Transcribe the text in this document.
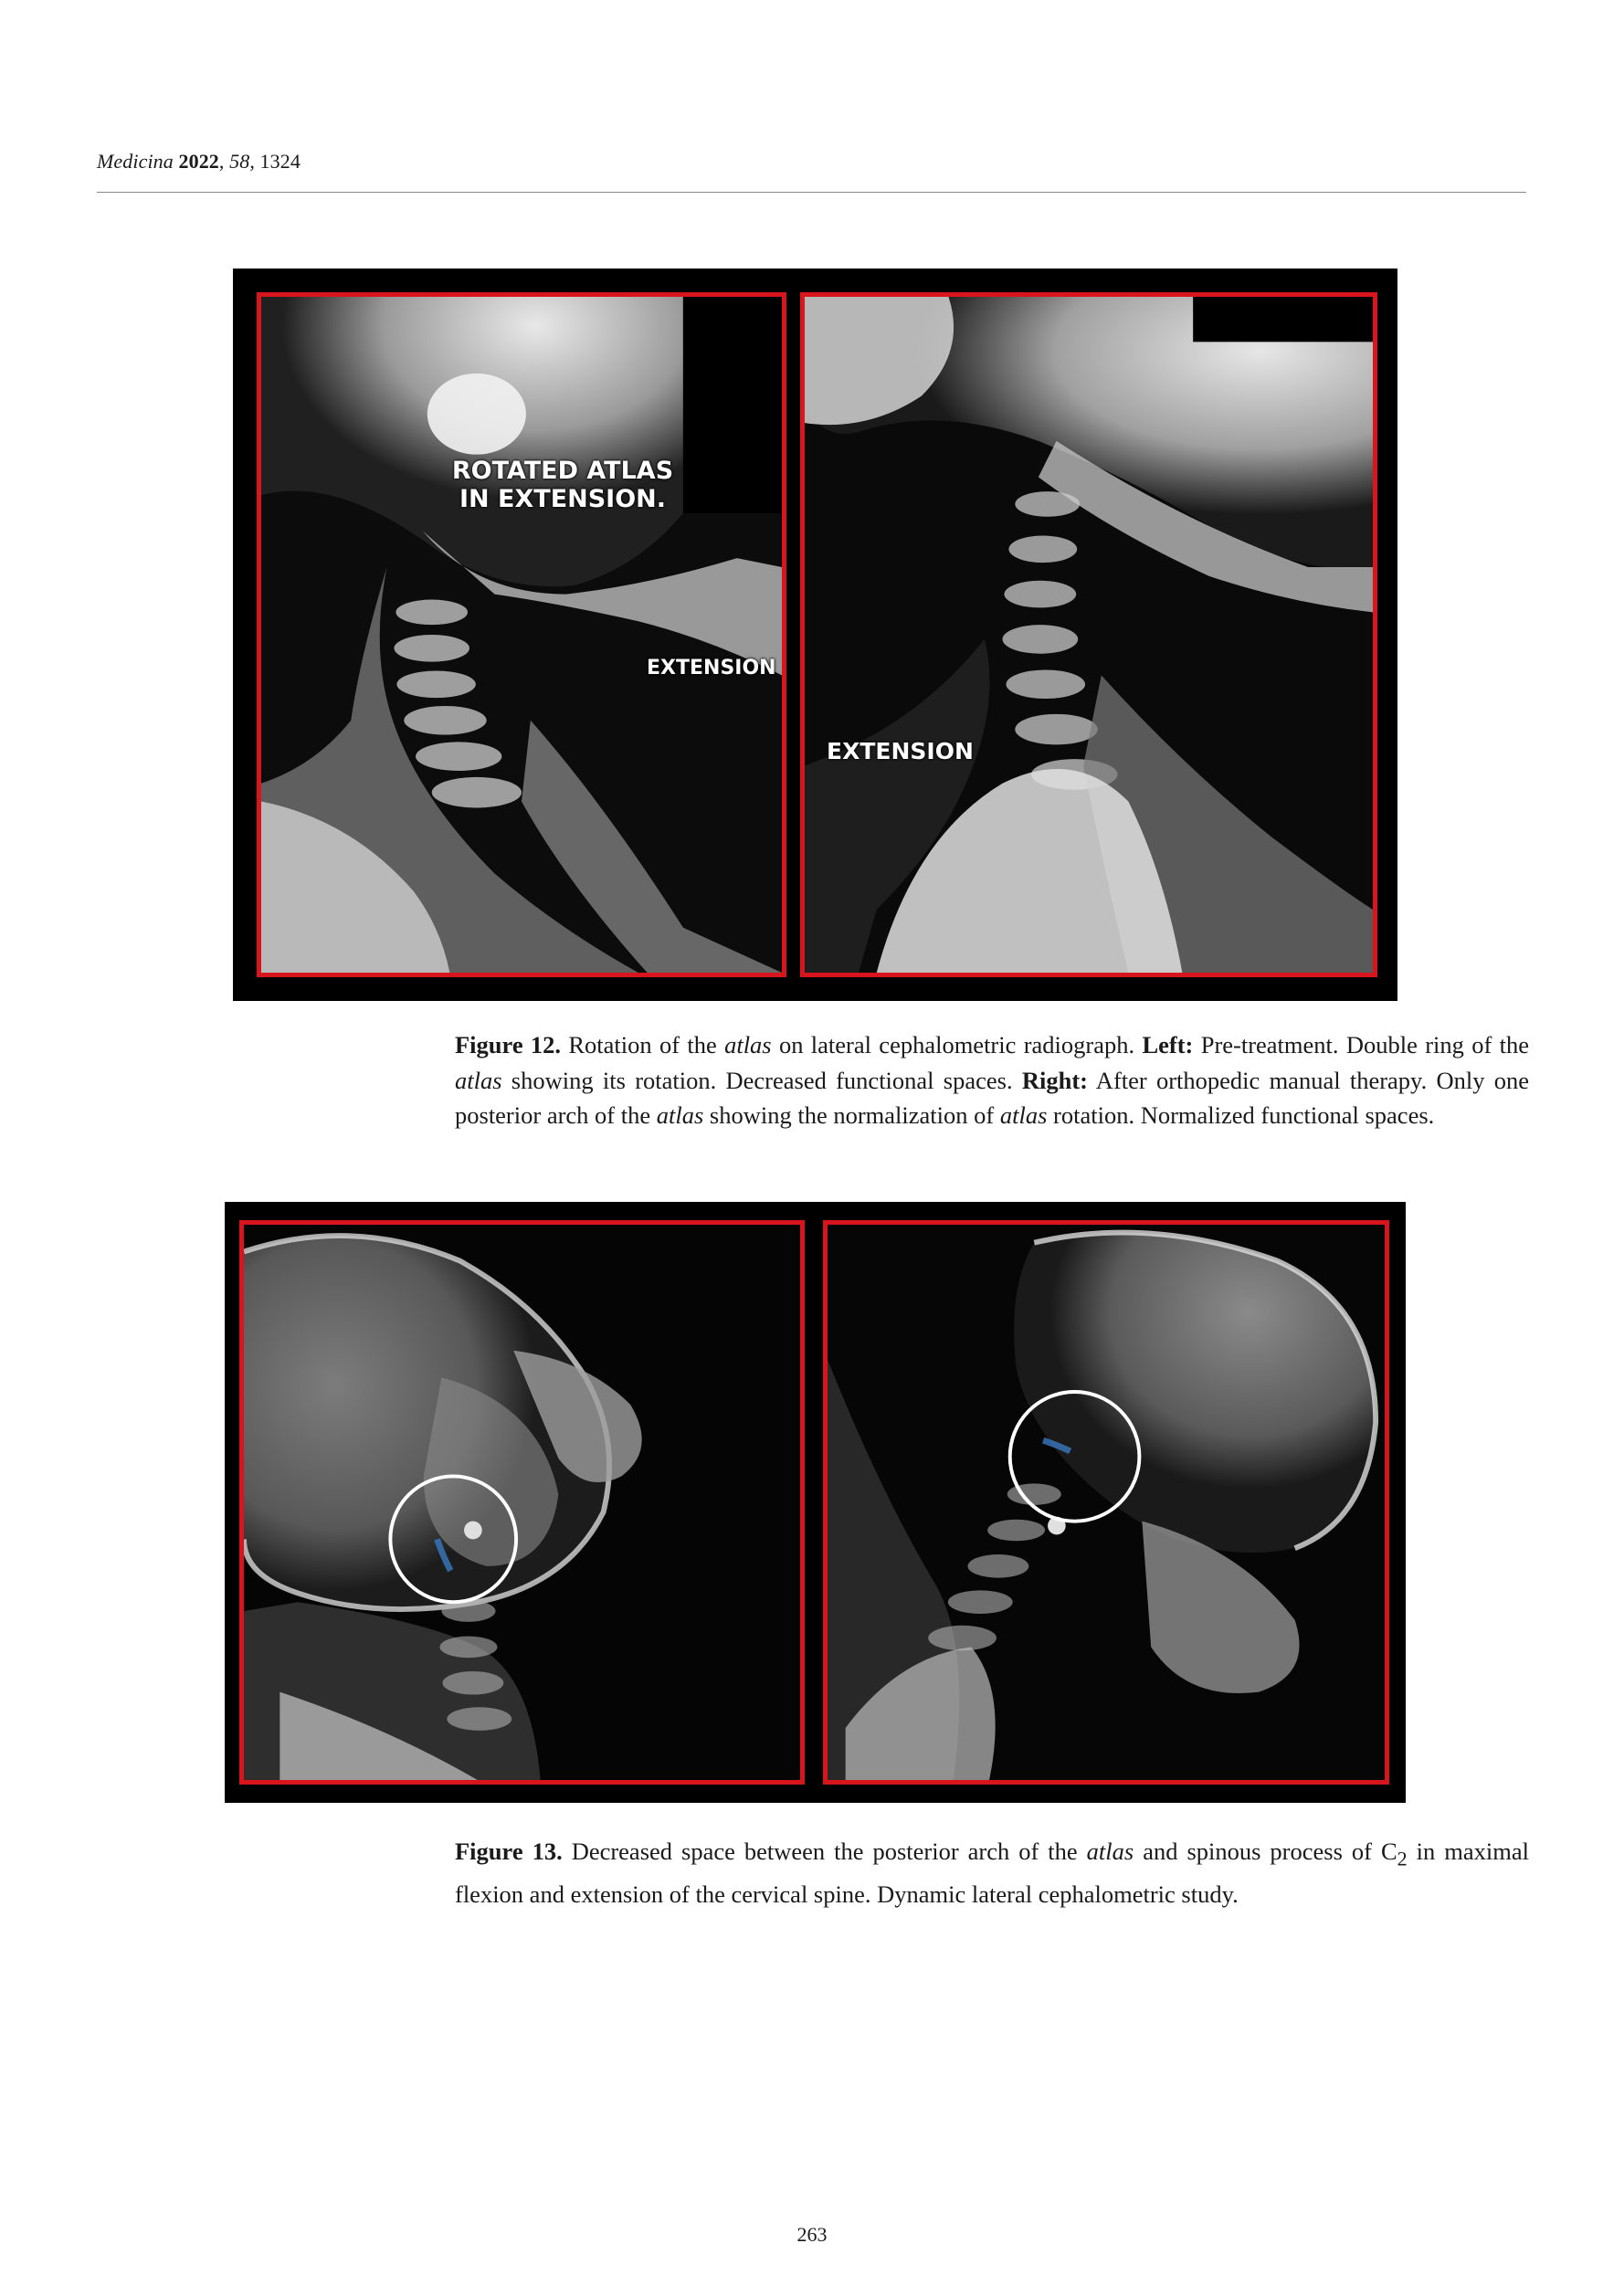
Medicina 2022, 58, 1324
ROTATED ATLAS
IN EXTENSION.
EXTENSION
EXTENSION
Figure 12. Rotation of the atlas on lateral cephalometric radiograph. Left: Pre-treatment. Double ring of the atlas showing its rotation. Decreased functional spaces. Right: After orthopedic manual therapy. Only one posterior arch of the atlas showing the normalization of atlas rotation. Normalized functional spaces.
Figure 13. Decreased space between the posterior arch of the atlas and spinous process of $C_2$ in maximal flexion and extension of the cervical spine. Dynamic lateral cephalometric study.
263
